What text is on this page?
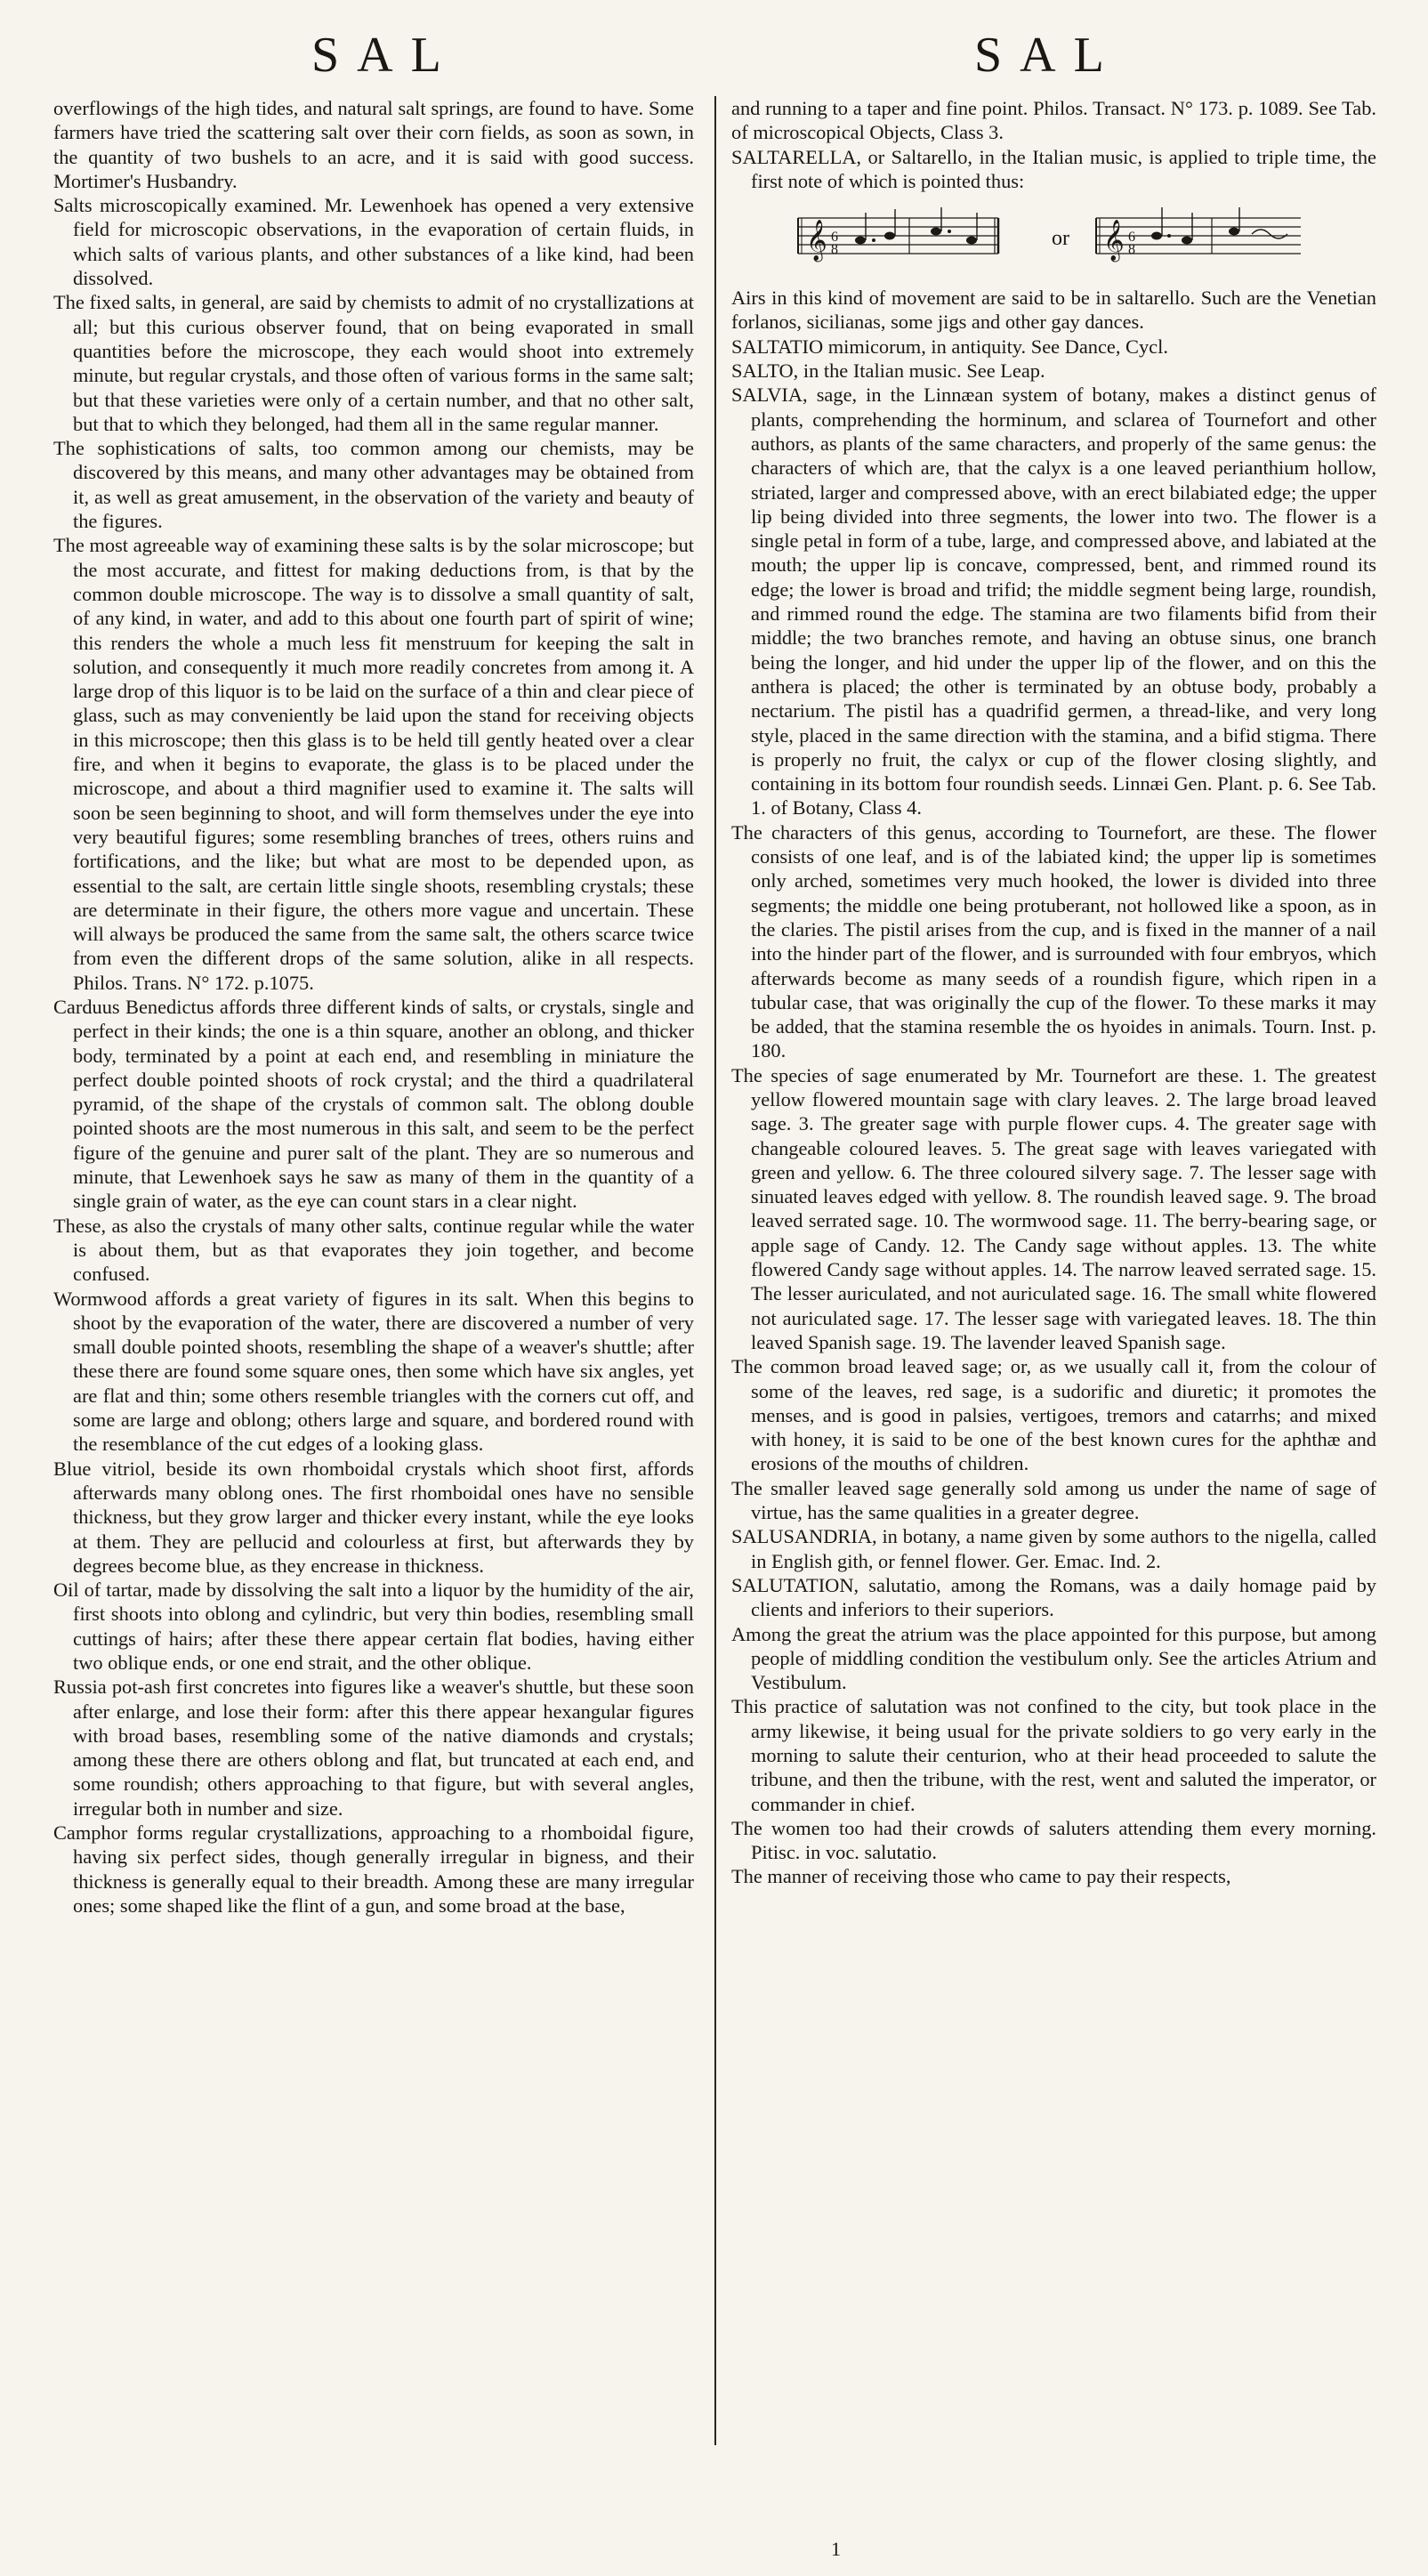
SAL	SAL

overflowings of the high tides, and natural salt springs, are found to have. Some farmers have tried the scattering salt over their corn fields, as soon as sown, in the quantity of two bushels to an acre, and it is said with good success. Mortimer's Husbandry.

Salts microscopically examined. Mr. Lewenhoek has opened a very extensive field for microscopic observations, in the evaporation of certain fluids, in which salts of various plants, and other substances of a like kind, had been dissolved.

The fixed salts, in general, are said by chemists to admit of no crystallizations at all; but this curious observer found, that on being evaporated in small quantities before the microscope, they each would shoot into extremely minute, but regular crystals, and those often of various forms in the same salt; but that these varieties were only of a certain number, and that no other salt, but that to which they belonged, had them all in the same regular manner.

The sophistications of salts, too common among our chemists, may be discovered by this means, and many other advantages may be obtained from it, as well as great amusement, in the observation of the variety and beauty of the figures.

The most agreeable way of examining these salts is by the solar microscope; but the most accurate, and fittest for making deductions from, is that by the common double microscope. The way is to dissolve a small quantity of salt, of any kind, in water, and add to this about one fourth part of spirit of wine; this renders the whole a much less fit menstruum for keeping the salt in solution, and consequently it much more readily concretes from among it. A large drop of this liquor is to be laid on the surface of a thin and clear piece of glass, such as may conveniently be laid upon the stand for receiving objects in this microscope; then this glass is to be held till gently heated over a clear fire, and when it begins to evaporate, the glass is to be placed under the microscope, and about a third magnifier used to examine it. The salts will soon be seen beginning to shoot, and will form themselves under the eye into very beautiful figures; some resembling branches of trees, others ruins and fortifications, and the like; but what are most to be depended upon, as essential to the salt, are certain little single shoots, resembling crystals; these are determinate in their figure, the others more vague and uncertain. These will always be produced the same from the same salt, the others scarce twice from even the different drops of the same solution, alike in all respects. Philos. Trans. N° 172. p.1075.

Carduus Benedictus affords three different kinds of salts, or crystals, single and perfect in their kinds; the one is a thin square, another an oblong, and thicker body, terminated by a point at each end, and resembling in miniature the perfect double pointed shoots of rock crystal; and the third a quadrilateral pyramid, of the shape of the crystals of common salt. The oblong double pointed shoots are the most numerous in this salt, and seem to be the perfect figure of the genuine and purer salt of the plant. They are so numerous and minute, that Lewenhoek says he saw as many of them in the quantity of a single grain of water, as the eye can count stars in a clear night.

These, as also the crystals of many other salts, continue regular while the water is about them, but as that evaporates they join together, and become confused.

Wormwood affords a great variety of figures in its salt. When this begins to shoot by the evaporation of the water, there are discovered a number of very small double pointed shoots, resembling the shape of a weaver's shuttle; after these there are found some square ones, then some which have six angles, yet are flat and thin; some others resemble triangles with the corners cut off, and some are large and oblong; others large and square, and bordered round with the resemblance of the cut edges of a looking glass.

Blue vitriol, beside its own rhomboidal crystals which shoot first, affords afterwards many oblong ones. The first rhomboidal ones have no sensible thickness, but they grow larger and thicker every instant, while the eye looks at them. They are pellucid and colourless at first, but afterwards they by degrees become blue, as they encrease in thickness.

Oil of tartar, made by dissolving the salt into a liquor by the humidity of the air, first shoots into oblong and cylindric, but very thin bodies, resembling small cuttings of hairs; after these there appear certain flat bodies, having either two oblique ends, or one end strait, and the other oblique.

Russia pot-ash first concretes into figures like a weaver's shuttle, but these soon after enlarge, and lose their form: after this there appear hexangular figures with broad bases, resembling some of the native diamonds and crystals; among these there are others oblong and flat, but truncated at each end, and some roundish; others approaching to that figure, but with several angles, irregular both in number and size.

Camphor forms regular crystallizations, approaching to a rhomboidal figure, having six perfect sides, though generally irregular in bigness, and their thickness is generally equal to their breadth. Among these are many irregular ones; some shaped like the flint of a gun, and some broad at the base,

and running to a taper and fine point. Philos. Transact. N° 173. p. 1089. See Tab. of microscopical Objects, Class 3.

SALTARELLA, or Saltarello, in the Italian music, is applied to triple time, the first note of which is pointed thus:

𝄞 6
8	or 𝄞 6
8

Airs in this kind of movement are said to be in saltarello. Such are the Venetian forlanos, sicilianas, some jigs and other gay dances.

SALTATIO mimicorum, in antiquity. See Dance, Cycl.

SALTO, in the Italian music. See Leap.

SALVIA, sage, in the Linnæan system of botany, makes a distinct genus of plants, comprehending the horminum, and sclarea of Tournefort and other authors, as plants of the same characters, and properly of the same genus: the characters of which are, that the calyx is a one leaved perianthium hollow, striated, larger and compressed above, with an erect bilabiated edge; the upper lip being divided into three segments, the lower into two. The flower is a single petal in form of a tube, large, and compressed above, and labiated at the mouth; the upper lip is concave, compressed, bent, and rimmed round its edge; the lower is broad and trifid; the middle segment being large, roundish, and rimmed round the edge. The stamina are two filaments bifid from their middle; the two branches remote, and having an obtuse sinus, one branch being the longer, and hid under the upper lip of the flower, and on this the anthera is placed; the other is terminated by an obtuse body, probably a nectarium. The pistil has a quadrifid germen, a thread-like, and very long style, placed in the same direction with the stamina, and a bifid stigma. There is properly no fruit, the calyx or cup of the flower closing slightly, and containing in its bottom four roundish seeds. Linnæi Gen. Plant. p. 6. See Tab. 1. of Botany, Class 4.

The characters of this genus, according to Tournefort, are these. The flower consists of one leaf, and is of the labiated kind; the upper lip is sometimes only arched, sometimes very much hooked, the lower is divided into three segments; the middle one being protuberant, not hollowed like a spoon, as in the claries. The pistil arises from the cup, and is fixed in the manner of a nail into the hinder part of the flower, and is surrounded with four embryos, which afterwards become as many seeds of a roundish figure, which ripen in a tubular case, that was originally the cup of the flower. To these marks it may be added, that the stamina resemble the os hyoides in animals. Tourn. Inst. p. 180.

The species of sage enumerated by Mr. Tournefort are these. 1. The greatest yellow flowered mountain sage with clary leaves. 2. The large broad leaved sage. 3. The greater sage with purple flower cups. 4. The greater sage with changeable coloured leaves. 5. The great sage with leaves variegated with green and yellow. 6. The three coloured silvery sage. 7. The lesser sage with sinuated leaves edged with yellow. 8. The roundish leaved sage. 9. The broad leaved serrated sage. 10. The wormwood sage. 11. The berry-bearing sage, or apple sage of Candy. 12. The Candy sage without apples. 13. The white flowered Candy sage without apples. 14. The narrow leaved serrated sage. 15. The lesser auriculated, and not auriculated sage. 16. The small white flowered not auriculated sage. 17. The lesser sage with variegated leaves. 18. The thin leaved Spanish sage. 19. The lavender leaved Spanish sage.

The common broad leaved sage; or, as we usually call it, from the colour of some of the leaves, red sage, is a sudorific and diuretic; it promotes the menses, and is good in palsies, vertigoes, tremors and catarrhs; and mixed with honey, it is said to be one of the best known cures for the aphthæ and erosions of the mouths of children.

The smaller leaved sage generally sold among us under the name of sage of virtue, has the same qualities in a greater degree.

SALUSANDRIA, in botany, a name given by some authors to the nigella, called in English gith, or fennel flower. Ger. Emac. Ind. 2.

SALUTATION, salutatio, among the Romans, was a daily homage paid by clients and inferiors to their superiors.

Among the great the atrium was the place appointed for this purpose, but among people of middling condition the vestibulum only. See the articles Atrium and Vestibulum.

This practice of salutation was not confined to the city, but took place in the army likewise, it being usual for the private soldiers to go very early in the morning to salute their centurion, who at their head proceeded to salute the tribune, and then the tribune, with the rest, went and saluted the imperator, or commander in chief.

The women too had their crowds of saluters attending them every morning. Pitisc. in voc. salutatio.

The manner of receiving those who came to pay their respects,

1
